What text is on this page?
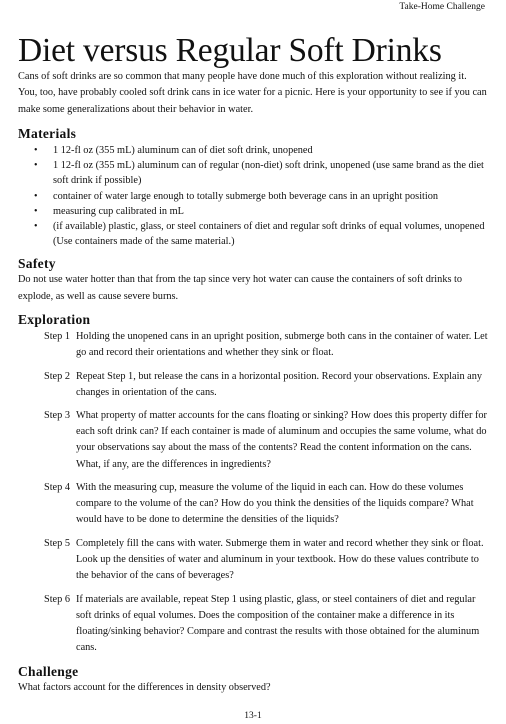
Take-Home Challenge
Diet versus Regular Soft Drinks

Cans of soft drinks are so common that many people have done much of this exploration without realizing it. You, too, have probably cooled soft drink cans in ice water for a picnic. Here is your opportunity to see if you can make some generalizations about their behavior in water.

Materials
• 1 12-fl oz (355 mL) aluminum can of diet soft drink, unopened
• 1 12-fl oz (355 mL) aluminum can of regular (non-diet) soft drink, unopened (use same brand as the diet soft drink if possible)
• container of water large enough to totally submerge both beverage cans in an upright position
• measuring cup calibrated in mL
• (if available) plastic, glass, or steel containers of diet and regular soft drinks of equal volumes, unopened (Use containers made of the same material.)
Safety

Do not use water hotter than that from the tap since very hot water can cause the containers of soft drinks to explode, as well as cause severe burns.

Exploration
Step 1 Holding the unopened cans in an upright position, submerge both cans in the container of water. Let go and record their orientations and whether they sink or float.
Step 2 Repeat Step 1, but release the cans in a horizontal position. Record your observations. Explain any changes in orientation of the cans.
Step 3 What property of matter accounts for the cans floating or sinking? How does this property differ for each soft drink can? If each container is made of aluminum and occupies the same volume, what do your observations say about the mass of the contents? Read the content information on the cans. What, if any, are the differences in ingredients?
Step 4 With the measuring cup, measure the volume of the liquid in each can. How do these volumes compare to the volume of the can? How do you think the densities of the liquids compare? What would have to be done to determine the densities of the liquids?
Step 5 Completely fill the cans with water. Submerge them in water and record whether they sink or float. Look up the densities of water and aluminum in your textbook. How do these values contribute to the behavior of the cans of beverages?
Step 6 If materials are available, repeat Step 1 using plastic, glass, or steel containers of diet and regular soft drinks of equal volumes. Does the composition of the container make a difference in its floating/sinking behavior? Compare and contrast the results with those obtained for the aluminum cans.
Challenge

What factors account for the differences in density observed?

13-1
